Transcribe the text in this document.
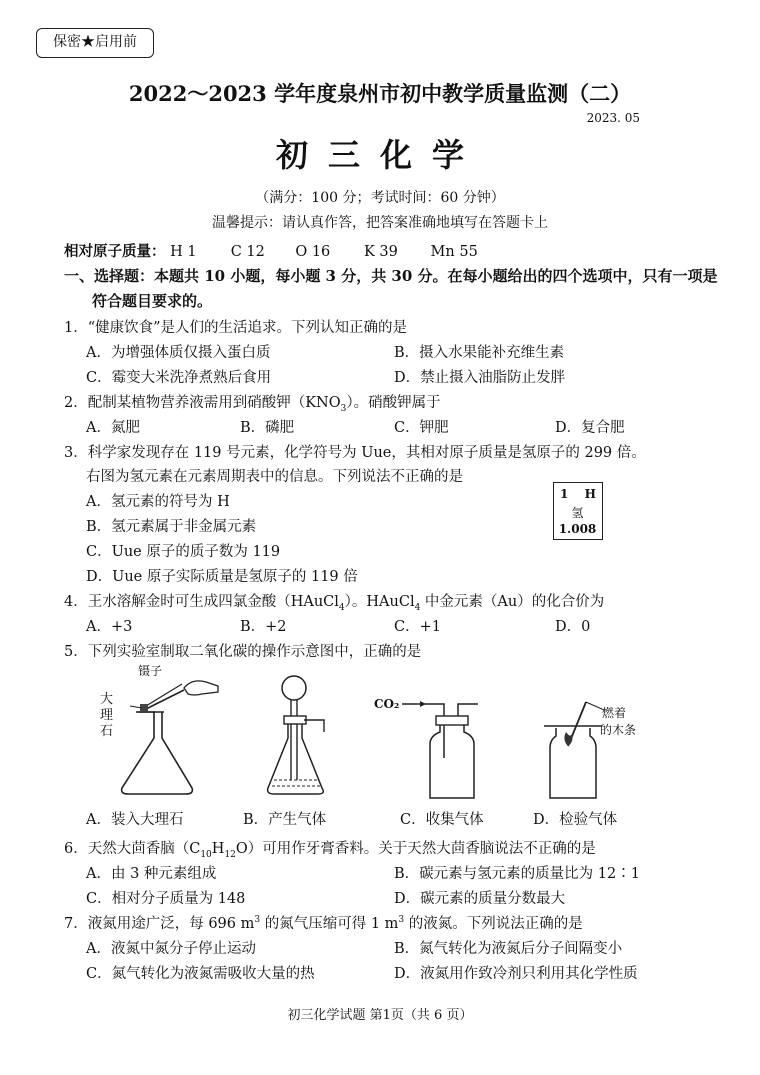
保密★启用前
2022～2023 学年度泉州市初中教学质量监测（二）
2023. 05
初三化学
（满分：100 分；考试时间：60 分钟）
温馨提示：请认真作答，把答案准确地填写在答题卡上
相对原子质量： H 1 C 12 O 16 K 39 Mn 55
一、选择题：本题共 10 小题，每小题 3 分，共 30 分。在每小题给出的四个选项中，只有一项是
符合题目要求的。
1．“健康饮食”是人们的生活追求。下列认知正确的是
A．为增强体质仅摄入蛋白质	B．摄入水果能补充维生素
C．霉变大米洗净煮熟后食用	D．禁止摄入油脂防止发胖
2．配制某植物营养液需用到硝酸钾$(KNO_3)$。硝酸钾属于
A．氮肥	B．磷肥	C．钾肥	D．复合肥
3．科学家发现存在 119 号元素，化学符号为 Uue，其相对原子质量是氢原子的 299 倍。
右图为氢元素在元素周期表中的信息。下列说法不正确的是
A．氢元素的符号为 H
B．氢元素属于非金属元素
C．Uue 原子的质子数为 119
D．Uue 原子实际质量是氢原子的 119 倍
1 H
氢
1.008
4．王水溶解金时可生成四氯金酸（HAuCl$_4$）。HAuCl$_4$ 中金元素（Au）的化合价为
A．+3	B．+2	C．+1	D．0
5．下列实验室制取二氧化碳的操作示意图中，正确的是
镊子
大
理
石
A．装入大理石	B．产生气体
CO₂
C．收集气体
燃着
的木条
D．检验气体
6．天然大茴香脑$(C_{10}H_{12}O)$可用作牙膏香料。关于天然大茴香脑说法不正确的是
A．由 3 种元素组成	B．碳元素与氢元素的质量比为 12∶1
C．相对分子质量为 148	D．碳元素的质量分数最大
7．液氮用途广泛，每 696 $m^3$ 的氮气压缩可得 1 $m^3$ 的液氮。下列说法正确的是
A．液氮中氮分子停止运动	B．氮气转化为液氮后分子间隔变小
C．氮气转化为液氮需吸收大量的热	D．液氮用作致冷剂只利用其化学性质
初三化学试题 第1页（共 6 页）
